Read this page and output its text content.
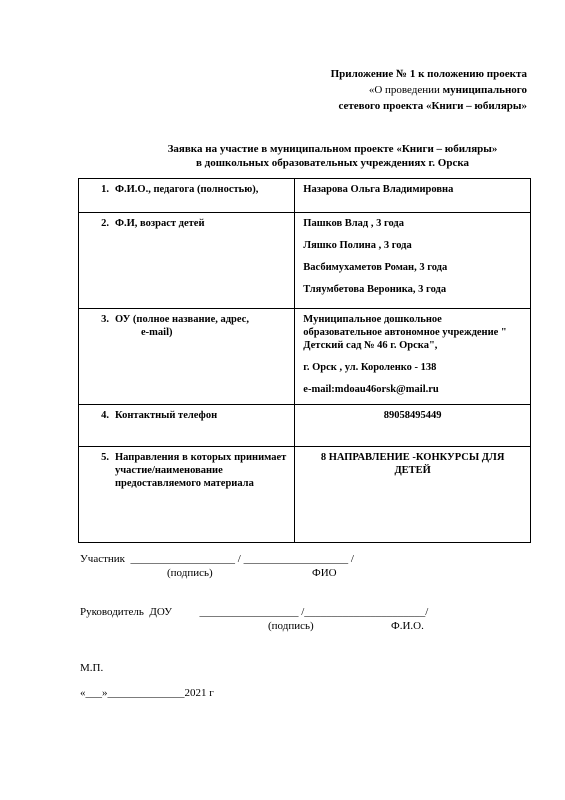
Приложение № 1 к положению проекта
«О проведении муниципального
сетевого проекта «Книги – юбиляры»
Заявка на участие в муниципальном проекте «Книги – юбиляры»
в дошкольных образовательных учреждениях г. Орска
1. Ф.И.О., педагога (полностью),	Назарова Ольга Владимировна

2. Ф.И, возраст детей	Пашков Влад , 3 года
Ляшко Полина , 3 года
Васбимухаметов Роман, 3 года
Тляумбетова Вероника, 3 года

3. ОУ (полное название, адрес,
e-mail)	Муниципальное дошкольное образовательное автономное учреждение " Детский сад № 46 г. Орска",
г. Орск , ул. Короленко - 138
e-mail:mdoau46orsk@mail.ru

4. Контактный телефон	89058495449

5. Направления в которых принимает участие/наименование предоставляемого материала	8 НАПРАВЛЕНИЕ -КОНКУРСЫ ДЛЯ ДЕТЕЙ
Участник  ___________________ / ___________________ /
(подпись)	ФИО
Руководитель  ДОУ          __________________ /______________________/
(подпись)	Ф.И.О.
М.П.
«___»______________2021 г
